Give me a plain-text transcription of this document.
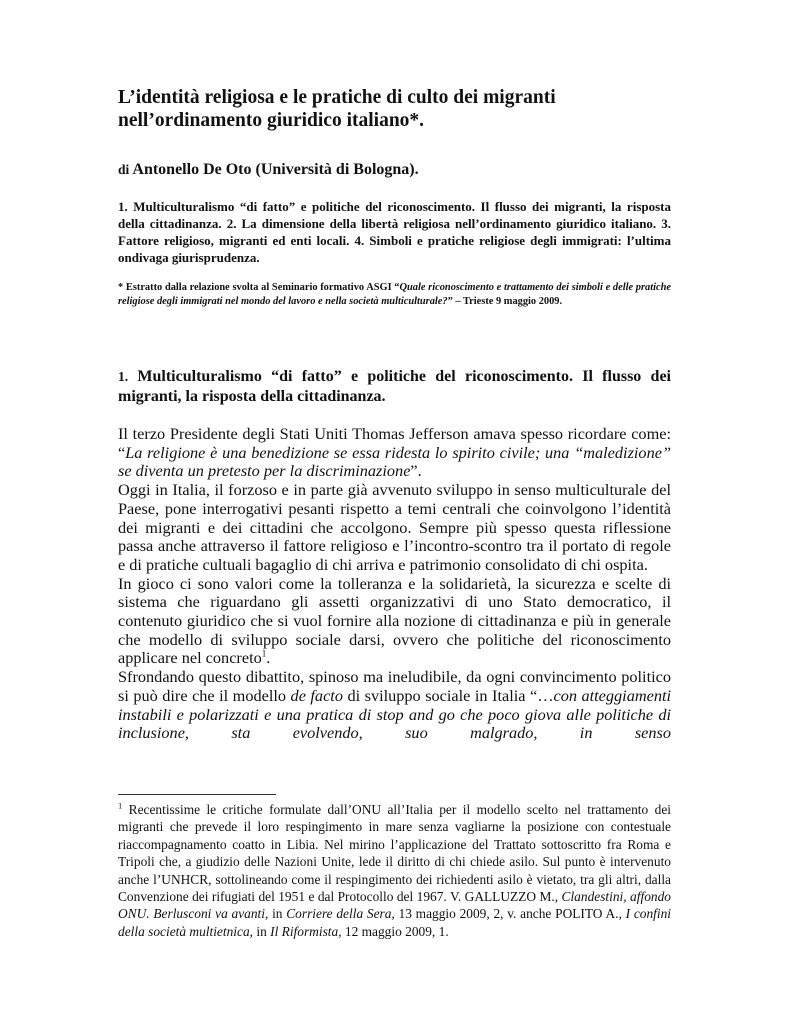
L’identità religiosa e le pratiche di culto dei migranti
nell’ordinamento giuridico italiano*.

di Antonello De Oto (Università di Bologna).

1. Multiculturalismo “di fatto” e politiche del riconoscimento. Il flusso dei migranti, la risposta della cittadinanza. 2. La dimensione della libertà religiosa nell’ordinamento giuridico italiano. 3. Fattore religioso, migranti ed enti locali. 4. Simboli e pratiche religiose degli immigrati: l’ultima ondivaga giurisprudenza.

* Estratto dalla relazione svolta al Seminario formativo ASGI “Quale riconoscimento e trattamento dei simboli e delle pratiche religiose degli immigrati nel mondo del lavoro e nella società multiculturale?” – Trieste 9 maggio 2009.

1. Multiculturalismo “di fatto” e politiche del riconoscimento. Il flusso dei migranti, la risposta della cittadinanza.

Il terzo Presidente degli Stati Uniti Thomas Jefferson amava spesso ricordare come: “La religione è una benedizione se essa ridesta lo spirito civile; una “maledizione” se diventa un pretesto per la discriminazione”.

Oggi in Italia, il forzoso e in parte già avvenuto sviluppo in senso multiculturale del Paese, pone interrogativi pesanti rispetto a temi centrali che coinvolgono l’identità dei migranti e dei cittadini che accolgono. Sempre più spesso questa riflessione passa anche attraverso il fattore religioso e l’incontro-scontro tra il portato di regole e di pratiche cultuali bagaglio di chi arriva e patrimonio consolidato di chi ospita.

In gioco ci sono valori come la tolleranza e la solidarietà, la sicurezza e scelte di sistema che riguardano gli assetti organizzativi di uno Stato democratico, il contenuto giuridico che si vuol fornire alla nozione di cittadinanza e più in generale che modello di sviluppo sociale darsi, ovvero che politiche del riconoscimento applicare nel concreto$^1$.

Sfrondando questo dibattito, spinoso ma ineludibile, da ogni convincimento politico si può dire che il modello de facto di sviluppo sociale in Italia “…con atteggiamenti instabili e polarizzati e una pratica di stop and go che poco giova alle politiche di inclusione, sta evolvendo, suo malgrado, in senso

$^1$ Recentissime le critiche formulate dall’ONU all’Italia per il modello scelto nel trattamento dei migranti che prevede il loro respingimento in mare senza vagliarne la posizione con contestuale riaccompagnamento coatto in Libia. Nel mirino l’applicazione del Trattato sottoscritto fra Roma e Tripoli che, a giudizio delle Nazioni Unite, lede il diritto di chi chiede asilo. Sul punto è intervenuto anche l’UNHCR, sottolineando come il respingimento dei richiedenti asilo è vietato, tra gli altri, dalla Convenzione dei rifugiati del 1951 e dal Protocollo del 1967. V. GALLUZZO M., Clandestini, affondo ONU. Berlusconi va avanti, in Corriere della Sera, 13 maggio 2009, 2, v. anche POLITO A., I confini della società multietnica, in Il Riformista, 12 maggio 2009, 1.
